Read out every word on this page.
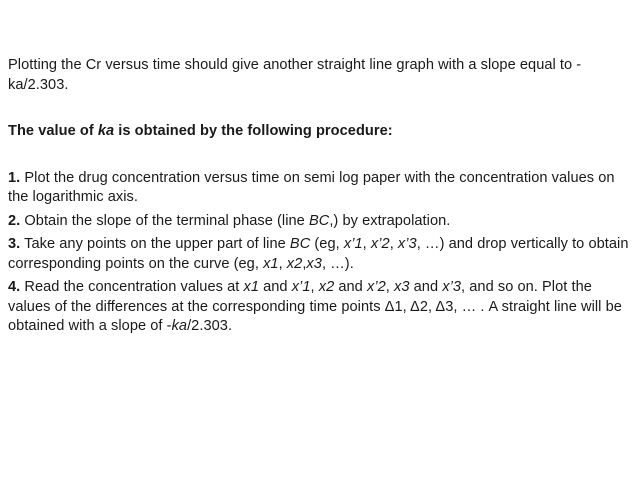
Plotting the Cr versus time should give another straight line graph with a slope equal to -ka/2.303.

The value of ka is obtained by the following procedure:

1. Plot the drug concentration versus time on semi log paper with the concentration values on the logarithmic axis.

2. Obtain the slope of the terminal phase (line BC,) by extrapolation.

3. Take any points on the upper part of line BC (eg, x’1, x’2, x’3, …) and drop vertically to obtain corresponding points on the curve (eg, x1, x2,x3, …).

4. Read the concentration values at x1 and x’1, x2 and x’2, x3 and x’3, and so on. Plot the values of the differences at the corresponding time points Δ1, Δ2, Δ3, … . A straight line will be obtained with a slope of -ka/2.303.
